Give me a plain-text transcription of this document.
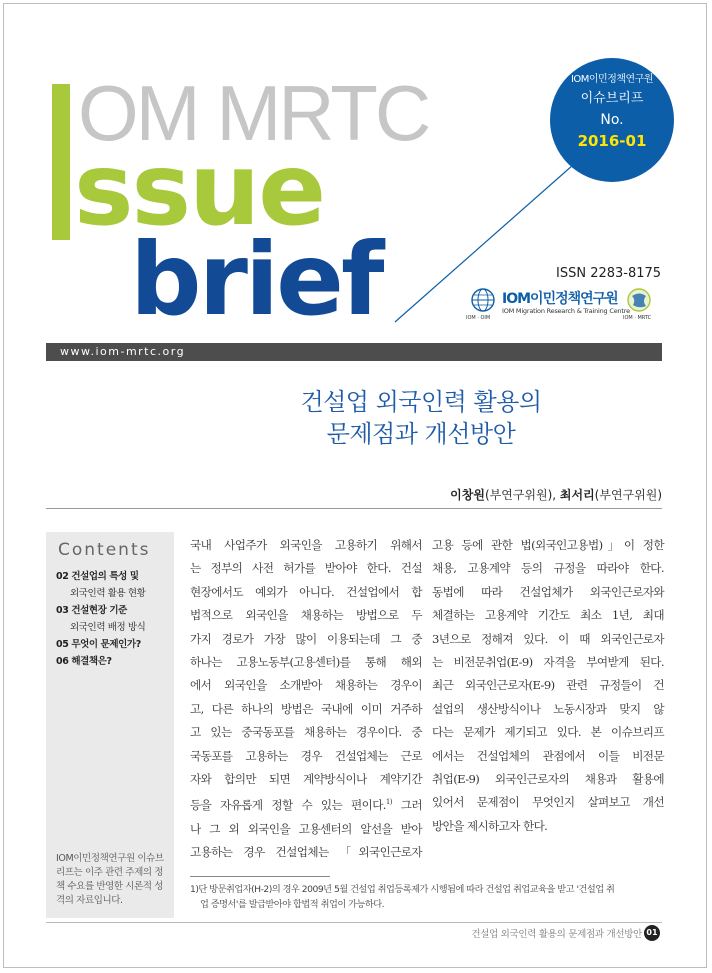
OM MRTC
ssue
brief
IOM이민정책연구원
이슈브리프
No.
2016-01
ISSN 2283-8175
IOM · OIM
IOM이민정책연구원
IOM Migration Research & Training Centre
IOM · MRTC
www.iom-mrtc.org
건설업 외국인력 활용의
문제점과 개선방안
이창원(부연구위원), 최서리(부연구위원)
Contents
02 건설업의 특성 및
외국인력 활용 현황
03 건설현장 기준
외국인력 배정 방식
05 무엇이 문제인가?
06 해결책은?
IOM이민정책연구원 이슈브리프는 이주 관련 주제의 정책 수요를 반영한 시론적 성격의 자료입니다.
국내 사업주가 외국인을 고용하기 위해서
는 정부의 사전 허가를 받아야 한다. 건설
현장에서도 예외가 아니다. 건설업에서 합
법적으로 외국인을 채용하는 방법으로 두
가지 경로가 가장 많이 이용되는데 그 중
하나는 고용노동부(고용센터)를 통해 해외
에서 외국인을 소개받아 채용하는 경우이
고, 다른 하나의 방법은 국내에 이미 거주하
고 있는 중국동포를 채용하는 경우이다. 중
국동포를 고용하는 경우 건설업체는 근로
자와 합의만 되면 계약방식이나 계약기간
등을 자유롭게 정할 수 있는 편이다.$^{1)}$ 그러
나 그 외 외국인을 고용센터의 알선을 받아
고용하는 경우 건설업체는 「외국인근로자
고용 등에 관한 법(외국인고용법)」이 정한
채용, 고용계약 등의 규정을 따라야 한다.
동법에 따라 건설업체가 외국인근로자와
체결하는 고용계약 기간도 최소 1년, 최대
3년으로 정해져 있다. 이 때 외국인근로자
는 비전문취업(E-9) 자격을 부여받게 된다.
최근 외국인근로자(E-9) 관련 규정들이 건
설업의 생산방식이나 노동시장과 맞지 않
다는 문제가 제기되고 있다. 본 이슈브리프
에서는 건설업체의 관점에서 이들 비전문
취업(E-9) 외국인근로자의 채용과 활용에
있어서 문제점이 무엇인지 살펴보고 개선
방안을 제시하고자 한다.
1)단 방문취업자(H-2)의 경우 2009년 5월 건설업 취업등록제가 시행됨에 따라 건설업 취업교육을 받고 '건설업 취
업 증명서'를 발급받아야 합법적 취업이 가능하다.
건설업 외국인력 활용의 문제점과 개선방안 01
